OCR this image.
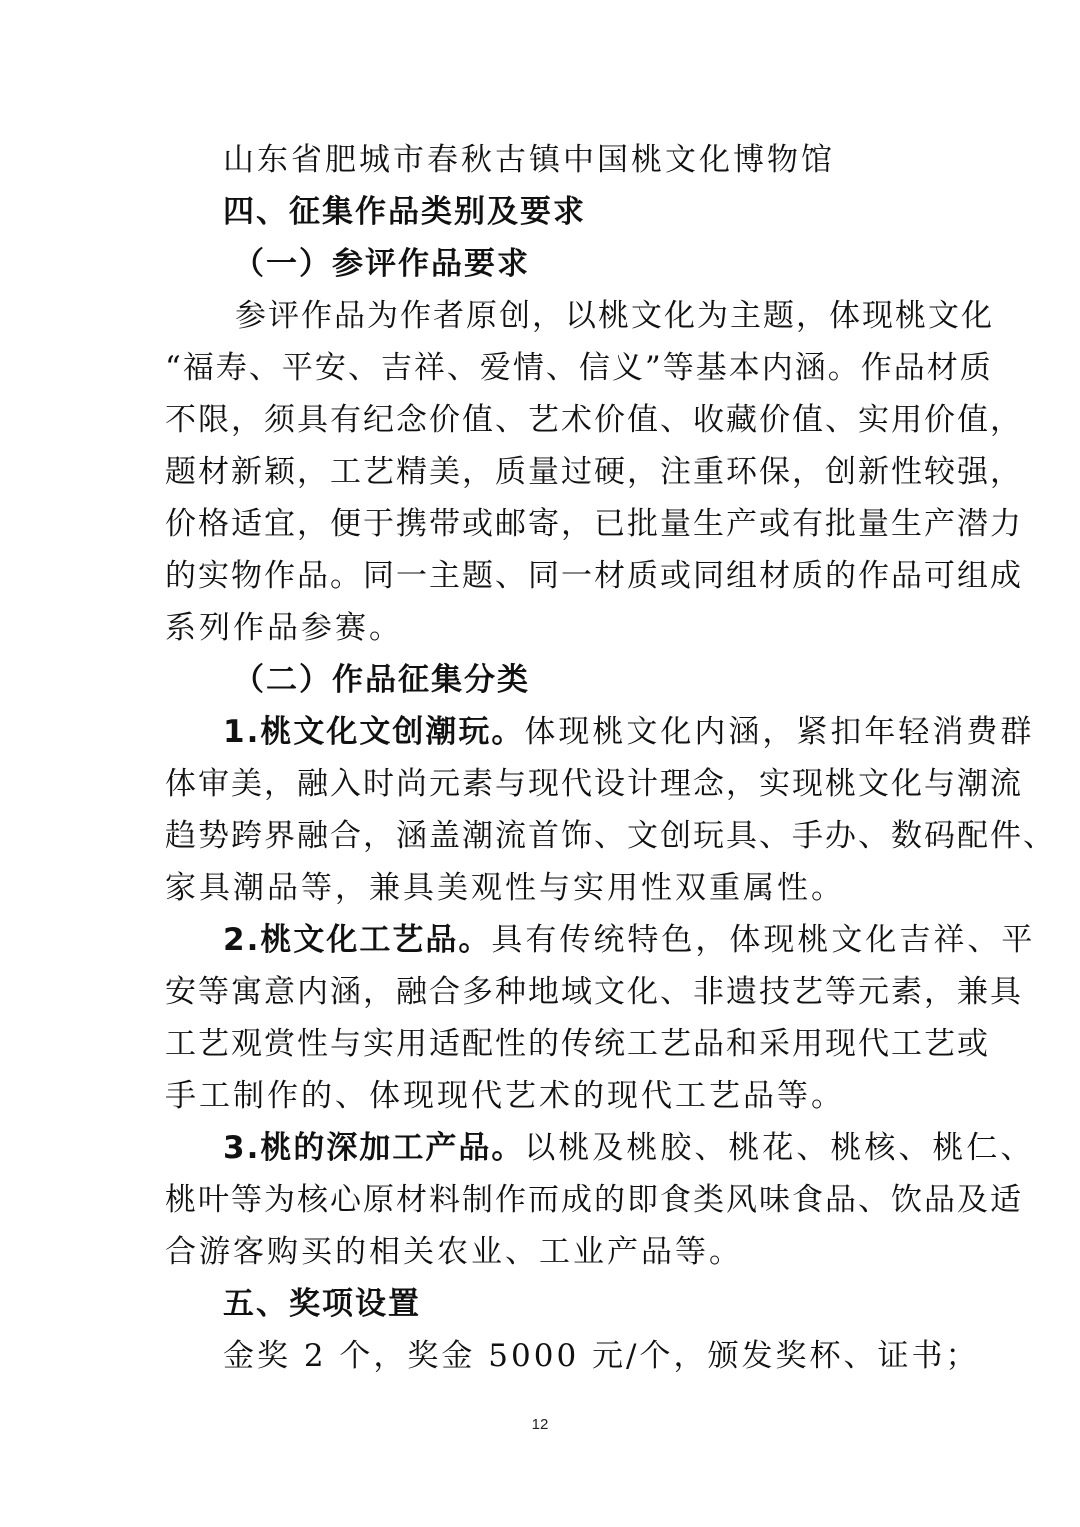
山东省肥城市春秋古镇中国桃文化博物馆
四、征集作品类别及要求
（一）参评作品要求
参评作品为作者原创，以桃文化为主题，体现桃文化
“福寿、平安、吉祥、爱情、信义”等基本内涵。作品材质
不限，须具有纪念价值、艺术价值、收藏价值、实用价值，
题材新颖，工艺精美，质量过硬，注重环保，创新性较强，
价格适宜，便于携带或邮寄，已批量生产或有批量生产潜力
的实物作品。同一主题、同一材质或同组材质的作品可组成
系列作品参赛。
（二）作品征集分类
1.桃文化文创潮玩。体现桃文化内涵，紧扣年轻消费群
体审美，融入时尚元素与现代设计理念，实现桃文化与潮流
趋势跨界融合，涵盖潮流首饰、文创玩具、手办、数码配件、
家具潮品等，兼具美观性与实用性双重属性。
2.桃文化工艺品。具有传统特色，体现桃文化吉祥、平
安等寓意内涵，融合多种地域文化、非遗技艺等元素，兼具
工艺观赏性与实用适配性的传统工艺品和采用现代工艺或
手工制作的、体现现代艺术的现代工艺品等。
3.桃的深加工产品。以桃及桃胶、桃花、桃核、桃仁、
桃叶等为核心原材料制作而成的即食类风味食品、饮品及适
合游客购买的相关农业、工业产品等。
五、奖项设置
金奖 2 个，奖金 5000 元/个，颁发奖杯、证书；
12
